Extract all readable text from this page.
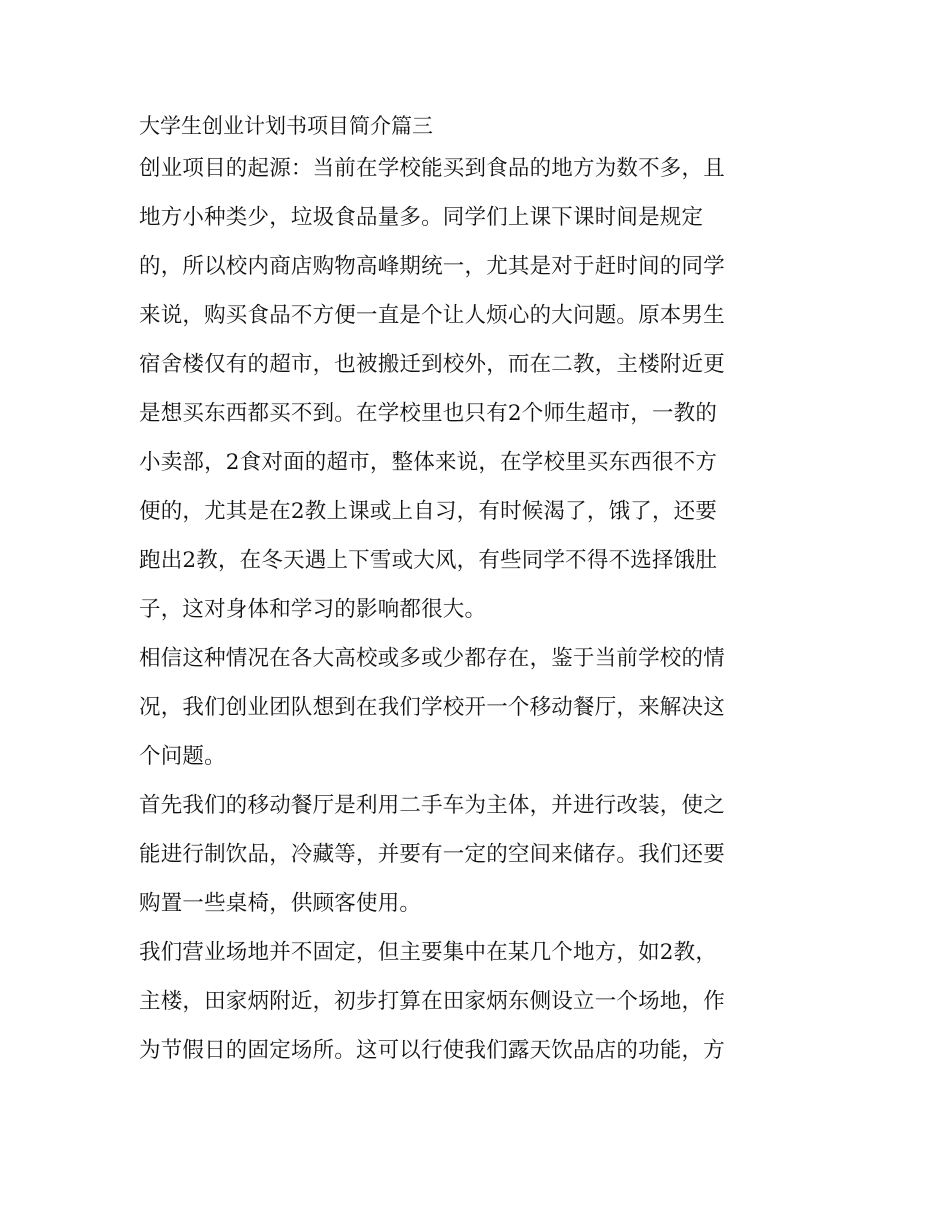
大学生创业计划书项目简介篇三
创业项目的起源：当前在学校能买到食品的地方为数不多，且
地方小种类少，垃圾食品量多。同学们上课下课时间是规定
的，所以校内商店购物高峰期统一，尤其是对于赶时间的同学
来说，购买食品不方便一直是个让人烦心的大问题。原本男生
宿舍楼仅有的超市，也被搬迁到校外，而在二教，主楼附近更
是想买东西都买不到。在学校里也只有2个师生超市，一教的
小卖部，2食对面的超市，整体来说，在学校里买东西很不方
便的，尤其是在2教上课或上自习，有时候渴了，饿了，还要
跑出2教，在冬天遇上下雪或大风，有些同学不得不选择饿肚
子，这对身体和学习的影响都很大。
相信这种情况在各大高校或多或少都存在，鉴于当前学校的情
况，我们创业团队想到在我们学校开一个移动餐厅，来解决这
个问题。
首先我们的移动餐厅是利用二手车为主体，并进行改装，使之
能进行制饮品，冷藏等，并要有一定的空间来储存。我们还要
购置一些桌椅，供顾客使用。
我们营业场地并不固定，但主要集中在某几个地方，如2教，
主楼，田家炳附近，初步打算在田家炳东侧设立一个场地，作
为节假日的固定场所。这可以行使我们露天饮品店的功能，方
